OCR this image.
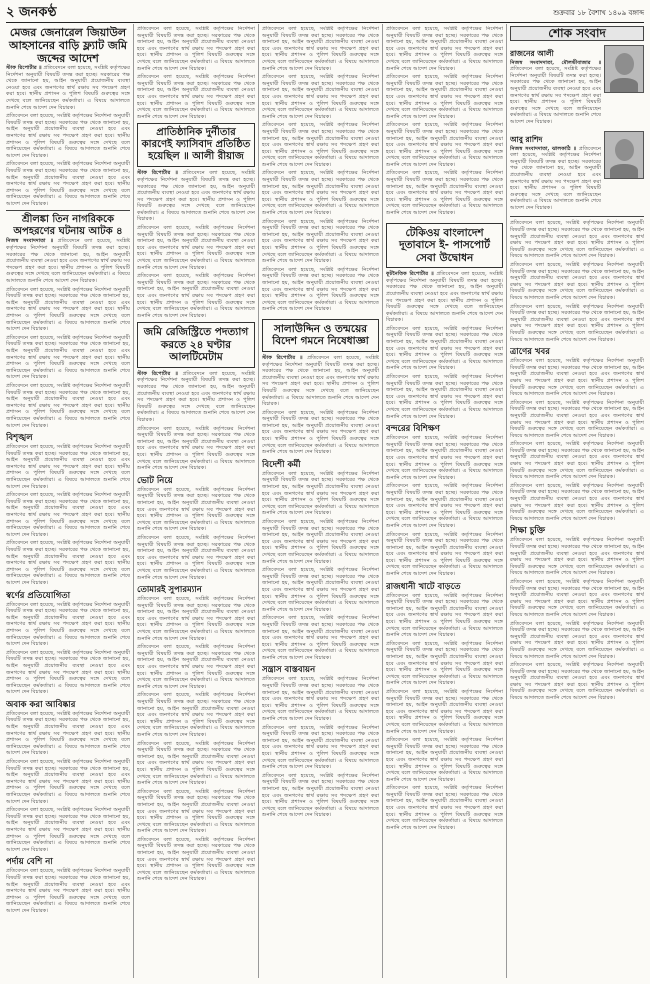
২ জনকণ্ঠ	শুক্রবার ১৮ বৈশাখ ১৪০৯ বঙ্গাব্দ
মেজর জেনারেল জিয়াউল আহসানের বাড়ি ফ্ল্যাট জমি জব্দের আদেশ

স্টাফ রিপোর্টার ॥ প্রতিবেদনে বলা হয়েছে, সংশ্লিষ্ট কর্তৃপক্ষের নির্দেশনা অনুযায়ী বিষয়টি তদন্ত করা হচ্ছে। সরকারের পক্ষ থেকে জানানো হয়, আইন অনুযায়ী প্রয়োজনীয় ব্যবস্থা নেওয়া হবে এবং জনগণের স্বার্থ রক্ষায় সব পদক্ষেপ গ্রহণ করা হবে। স্থানীয় প্রশাসন ও পুলিশ বিষয়টি গুরুত্বের সঙ্গে দেখছে বলে জানিয়েছেন কর্মকর্তারা। এ বিষয়ে আদালতে শুনানি শেষে আদেশ দেন বিচারক।

প্রতিবেদনে বলা হয়েছে, সংশ্লিষ্ট কর্তৃপক্ষের নির্দেশনা অনুযায়ী বিষয়টি তদন্ত করা হচ্ছে। সরকারের পক্ষ থেকে জানানো হয়, আইন অনুযায়ী প্রয়োজনীয় ব্যবস্থা নেওয়া হবে এবং জনগণের স্বার্থ রক্ষায় সব পদক্ষেপ গ্রহণ করা হবে। স্থানীয় প্রশাসন ও পুলিশ বিষয়টি গুরুত্বের সঙ্গে দেখছে বলে জানিয়েছেন কর্মকর্তারা। এ বিষয়ে আদালতে শুনানি শেষে আদেশ দেন বিচারক।

প্রতিবেদনে বলা হয়েছে, সংশ্লিষ্ট কর্তৃপক্ষের নির্দেশনা অনুযায়ী বিষয়টি তদন্ত করা হচ্ছে। সরকারের পক্ষ থেকে জানানো হয়, আইন অনুযায়ী প্রয়োজনীয় ব্যবস্থা নেওয়া হবে এবং জনগণের স্বার্থ রক্ষায় সব পদক্ষেপ গ্রহণ করা হবে। স্থানীয় প্রশাসন ও পুলিশ বিষয়টি গুরুত্বের সঙ্গে দেখছে বলে জানিয়েছেন কর্মকর্তারা। এ বিষয়ে আদালতে শুনানি শেষে আদেশ দেন বিচারক।

শ্রীলঙ্কা তিন নাগরিককে অপহরণের ঘটনায় আটক ৪

নিজস্ব সংবাদদাতা ॥ প্রতিবেদনে বলা হয়েছে, সংশ্লিষ্ট কর্তৃপক্ষের নির্দেশনা অনুযায়ী বিষয়টি তদন্ত করা হচ্ছে। সরকারের পক্ষ থেকে জানানো হয়, আইন অনুযায়ী প্রয়োজনীয় ব্যবস্থা নেওয়া হবে এবং জনগণের স্বার্থ রক্ষায় সব পদক্ষেপ গ্রহণ করা হবে। স্থানীয় প্রশাসন ও পুলিশ বিষয়টি গুরুত্বের সঙ্গে দেখছে বলে জানিয়েছেন কর্মকর্তারা। এ বিষয়ে আদালতে শুনানি শেষে আদেশ দেন বিচারক।

প্রতিবেদনে বলা হয়েছে, সংশ্লিষ্ট কর্তৃপক্ষের নির্দেশনা অনুযায়ী বিষয়টি তদন্ত করা হচ্ছে। সরকারের পক্ষ থেকে জানানো হয়, আইন অনুযায়ী প্রয়োজনীয় ব্যবস্থা নেওয়া হবে এবং জনগণের স্বার্থ রক্ষায় সব পদক্ষেপ গ্রহণ করা হবে। স্থানীয় প্রশাসন ও পুলিশ বিষয়টি গুরুত্বের সঙ্গে দেখছে বলে জানিয়েছেন কর্মকর্তারা। এ বিষয়ে আদালতে শুনানি শেষে আদেশ দেন বিচারক।

প্রতিবেদনে বলা হয়েছে, সংশ্লিষ্ট কর্তৃপক্ষের নির্দেশনা অনুযায়ী বিষয়টি তদন্ত করা হচ্ছে। সরকারের পক্ষ থেকে জানানো হয়, আইন অনুযায়ী প্রয়োজনীয় ব্যবস্থা নেওয়া হবে এবং জনগণের স্বার্থ রক্ষায় সব পদক্ষেপ গ্রহণ করা হবে। স্থানীয় প্রশাসন ও পুলিশ বিষয়টি গুরুত্বের সঙ্গে দেখছে বলে জানিয়েছেন কর্মকর্তারা। এ বিষয়ে আদালতে শুনানি শেষে আদেশ দেন বিচারক।

প্রতিবেদনে বলা হয়েছে, সংশ্লিষ্ট কর্তৃপক্ষের নির্দেশনা অনুযায়ী বিষয়টি তদন্ত করা হচ্ছে। সরকারের পক্ষ থেকে জানানো হয়, আইন অনুযায়ী প্রয়োজনীয় ব্যবস্থা নেওয়া হবে এবং জনগণের স্বার্থ রক্ষায় সব পদক্ষেপ গ্রহণ করা হবে। স্থানীয় প্রশাসন ও পুলিশ বিষয়টি গুরুত্বের সঙ্গে দেখছে বলে জানিয়েছেন কর্মকর্তারা। এ বিষয়ে আদালতে শুনানি শেষে আদেশ দেন বিচারক।

বিশৃঙ্খল

প্রতিবেদনে বলা হয়েছে, সংশ্লিষ্ট কর্তৃপক্ষের নির্দেশনা অনুযায়ী বিষয়টি তদন্ত করা হচ্ছে। সরকারের পক্ষ থেকে জানানো হয়, আইন অনুযায়ী প্রয়োজনীয় ব্যবস্থা নেওয়া হবে এবং জনগণের স্বার্থ রক্ষায় সব পদক্ষেপ গ্রহণ করা হবে। স্থানীয় প্রশাসন ও পুলিশ বিষয়টি গুরুত্বের সঙ্গে দেখছে বলে জানিয়েছেন কর্মকর্তারা। এ বিষয়ে আদালতে শুনানি শেষে আদেশ দেন বিচারক।

প্রতিবেদনে বলা হয়েছে, সংশ্লিষ্ট কর্তৃপক্ষের নির্দেশনা অনুযায়ী বিষয়টি তদন্ত করা হচ্ছে। সরকারের পক্ষ থেকে জানানো হয়, আইন অনুযায়ী প্রয়োজনীয় ব্যবস্থা নেওয়া হবে এবং জনগণের স্বার্থ রক্ষায় সব পদক্ষেপ গ্রহণ করা হবে। স্থানীয় প্রশাসন ও পুলিশ বিষয়টি গুরুত্বের সঙ্গে দেখছে বলে জানিয়েছেন কর্মকর্তারা। এ বিষয়ে আদালতে শুনানি শেষে আদেশ দেন বিচারক।

প্রতিবেদনে বলা হয়েছে, সংশ্লিষ্ট কর্তৃপক্ষের নির্দেশনা অনুযায়ী বিষয়টি তদন্ত করা হচ্ছে। সরকারের পক্ষ থেকে জানানো হয়, আইন অনুযায়ী প্রয়োজনীয় ব্যবস্থা নেওয়া হবে এবং জনগণের স্বার্থ রক্ষায় সব পদক্ষেপ গ্রহণ করা হবে। স্থানীয় প্রশাসন ও পুলিশ বিষয়টি গুরুত্বের সঙ্গে দেখছে বলে জানিয়েছেন কর্মকর্তারা। এ বিষয়ে আদালতে শুনানি শেষে আদেশ দেন বিচারক।

স্বর্ণের প্রতিযোগিতা

প্রতিবেদনে বলা হয়েছে, সংশ্লিষ্ট কর্তৃপক্ষের নির্দেশনা অনুযায়ী বিষয়টি তদন্ত করা হচ্ছে। সরকারের পক্ষ থেকে জানানো হয়, আইন অনুযায়ী প্রয়োজনীয় ব্যবস্থা নেওয়া হবে এবং জনগণের স্বার্থ রক্ষায় সব পদক্ষেপ গ্রহণ করা হবে। স্থানীয় প্রশাসন ও পুলিশ বিষয়টি গুরুত্বের সঙ্গে দেখছে বলে জানিয়েছেন কর্মকর্তারা। এ বিষয়ে আদালতে শুনানি শেষে আদেশ দেন বিচারক।

প্রতিবেদনে বলা হয়েছে, সংশ্লিষ্ট কর্তৃপক্ষের নির্দেশনা অনুযায়ী বিষয়টি তদন্ত করা হচ্ছে। সরকারের পক্ষ থেকে জানানো হয়, আইন অনুযায়ী প্রয়োজনীয় ব্যবস্থা নেওয়া হবে এবং জনগণের স্বার্থ রক্ষায় সব পদক্ষেপ গ্রহণ করা হবে। স্থানীয় প্রশাসন ও পুলিশ বিষয়টি গুরুত্বের সঙ্গে দেখছে বলে জানিয়েছেন কর্মকর্তারা। এ বিষয়ে আদালতে শুনানি শেষে আদেশ দেন বিচারক।

অবাক করা আবিষ্কার

প্রতিবেদনে বলা হয়েছে, সংশ্লিষ্ট কর্তৃপক্ষের নির্দেশনা অনুযায়ী বিষয়টি তদন্ত করা হচ্ছে। সরকারের পক্ষ থেকে জানানো হয়, আইন অনুযায়ী প্রয়োজনীয় ব্যবস্থা নেওয়া হবে এবং জনগণের স্বার্থ রক্ষায় সব পদক্ষেপ গ্রহণ করা হবে। স্থানীয় প্রশাসন ও পুলিশ বিষয়টি গুরুত্বের সঙ্গে দেখছে বলে জানিয়েছেন কর্মকর্তারা। এ বিষয়ে আদালতে শুনানি শেষে আদেশ দেন বিচারক।

প্রতিবেদনে বলা হয়েছে, সংশ্লিষ্ট কর্তৃপক্ষের নির্দেশনা অনুযায়ী বিষয়টি তদন্ত করা হচ্ছে। সরকারের পক্ষ থেকে জানানো হয়, আইন অনুযায়ী প্রয়োজনীয় ব্যবস্থা নেওয়া হবে এবং জনগণের স্বার্থ রক্ষায় সব পদক্ষেপ গ্রহণ করা হবে। স্থানীয় প্রশাসন ও পুলিশ বিষয়টি গুরুত্বের সঙ্গে দেখছে বলে জানিয়েছেন কর্মকর্তারা। এ বিষয়ে আদালতে শুনানি শেষে আদেশ দেন বিচারক।

প্রতিবেদনে বলা হয়েছে, সংশ্লিষ্ট কর্তৃপক্ষের নির্দেশনা অনুযায়ী বিষয়টি তদন্ত করা হচ্ছে। সরকারের পক্ষ থেকে জানানো হয়, আইন অনুযায়ী প্রয়োজনীয় ব্যবস্থা নেওয়া হবে এবং জনগণের স্বার্থ রক্ষায় সব পদক্ষেপ গ্রহণ করা হবে। স্থানীয় প্রশাসন ও পুলিশ বিষয়টি গুরুত্বের সঙ্গে দেখছে বলে জানিয়েছেন কর্মকর্তারা। এ বিষয়ে আদালতে শুনানি শেষে আদেশ দেন বিচারক।

পর্দায় বেশি না

প্রতিবেদনে বলা হয়েছে, সংশ্লিষ্ট কর্তৃপক্ষের নির্দেশনা অনুযায়ী বিষয়টি তদন্ত করা হচ্ছে। সরকারের পক্ষ থেকে জানানো হয়, আইন অনুযায়ী প্রয়োজনীয় ব্যবস্থা নেওয়া হবে এবং জনগণের স্বার্থ রক্ষায় সব পদক্ষেপ গ্রহণ করা হবে। স্থানীয় প্রশাসন ও পুলিশ বিষয়টি গুরুত্বের সঙ্গে দেখছে বলে জানিয়েছেন কর্মকর্তারা। এ বিষয়ে আদালতে শুনানি শেষে আদেশ দেন বিচারক।

প্রতিবেদনে বলা হয়েছে, সংশ্লিষ্ট কর্তৃপক্ষের নির্দেশনা অনুযায়ী বিষয়টি তদন্ত করা হচ্ছে। সরকারের পক্ষ থেকে জানানো হয়, আইন অনুযায়ী প্রয়োজনীয় ব্যবস্থা নেওয়া হবে এবং জনগণের স্বার্থ রক্ষায় সব পদক্ষেপ গ্রহণ করা হবে। স্থানীয় প্রশাসন ও পুলিশ বিষয়টি গুরুত্বের সঙ্গে দেখছে বলে জানিয়েছেন কর্মকর্তারা। এ বিষয়ে আদালতে শুনানি শেষে আদেশ দেন বিচারক।

প্রতিবেদনে বলা হয়েছে, সংশ্লিষ্ট কর্তৃপক্ষের নির্দেশনা অনুযায়ী বিষয়টি তদন্ত করা হচ্ছে। সরকারের পক্ষ থেকে জানানো হয়, আইন অনুযায়ী প্রয়োজনীয় ব্যবস্থা নেওয়া হবে এবং জনগণের স্বার্থ রক্ষায় সব পদক্ষেপ গ্রহণ করা হবে। স্থানীয় প্রশাসন ও পুলিশ বিষয়টি গুরুত্বের সঙ্গে দেখছে বলে জানিয়েছেন কর্মকর্তারা। এ বিষয়ে আদালতে শুনানি শেষে আদেশ দেন বিচারক।

প্রাতিষ্ঠানিক দুর্নীতার কারণেই ফ্যাসিবাদ প্রতিষ্ঠিত হয়েছিল ॥ আলী রীয়াজ

স্টাফ রিপোর্টার ॥ প্রতিবেদনে বলা হয়েছে, সংশ্লিষ্ট কর্তৃপক্ষের নির্দেশনা অনুযায়ী বিষয়টি তদন্ত করা হচ্ছে। সরকারের পক্ষ থেকে জানানো হয়, আইন অনুযায়ী প্রয়োজনীয় ব্যবস্থা নেওয়া হবে এবং জনগণের স্বার্থ রক্ষায় সব পদক্ষেপ গ্রহণ করা হবে। স্থানীয় প্রশাসন ও পুলিশ বিষয়টি গুরুত্বের সঙ্গে দেখছে বলে জানিয়েছেন কর্মকর্তারা। এ বিষয়ে আদালতে শুনানি শেষে আদেশ দেন বিচারক।

প্রতিবেদনে বলা হয়েছে, সংশ্লিষ্ট কর্তৃপক্ষের নির্দেশনা অনুযায়ী বিষয়টি তদন্ত করা হচ্ছে। সরকারের পক্ষ থেকে জানানো হয়, আইন অনুযায়ী প্রয়োজনীয় ব্যবস্থা নেওয়া হবে এবং জনগণের স্বার্থ রক্ষায় সব পদক্ষেপ গ্রহণ করা হবে। স্থানীয় প্রশাসন ও পুলিশ বিষয়টি গুরুত্বের সঙ্গে দেখছে বলে জানিয়েছেন কর্মকর্তারা। এ বিষয়ে আদালতে শুনানি শেষে আদেশ দেন বিচারক।

প্রতিবেদনে বলা হয়েছে, সংশ্লিষ্ট কর্তৃপক্ষের নির্দেশনা অনুযায়ী বিষয়টি তদন্ত করা হচ্ছে। সরকারের পক্ষ থেকে জানানো হয়, আইন অনুযায়ী প্রয়োজনীয় ব্যবস্থা নেওয়া হবে এবং জনগণের স্বার্থ রক্ষায় সব পদক্ষেপ গ্রহণ করা হবে। স্থানীয় প্রশাসন ও পুলিশ বিষয়টি গুরুত্বের সঙ্গে দেখছে বলে জানিয়েছেন কর্মকর্তারা। এ বিষয়ে আদালতে শুনানি শেষে আদেশ দেন বিচারক।

জমি রেজিস্ট্রিতে পদত্যাগ করতে ২৪ ঘণ্টার আলটিমেটাম

স্টাফ রিপোর্টার ॥ প্রতিবেদনে বলা হয়েছে, সংশ্লিষ্ট কর্তৃপক্ষের নির্দেশনা অনুযায়ী বিষয়টি তদন্ত করা হচ্ছে। সরকারের পক্ষ থেকে জানানো হয়, আইন অনুযায়ী প্রয়োজনীয় ব্যবস্থা নেওয়া হবে এবং জনগণের স্বার্থ রক্ষায় সব পদক্ষেপ গ্রহণ করা হবে। স্থানীয় প্রশাসন ও পুলিশ বিষয়টি গুরুত্বের সঙ্গে দেখছে বলে জানিয়েছেন কর্মকর্তারা। এ বিষয়ে আদালতে শুনানি শেষে আদেশ দেন বিচারক।

প্রতিবেদনে বলা হয়েছে, সংশ্লিষ্ট কর্তৃপক্ষের নির্দেশনা অনুযায়ী বিষয়টি তদন্ত করা হচ্ছে। সরকারের পক্ষ থেকে জানানো হয়, আইন অনুযায়ী প্রয়োজনীয় ব্যবস্থা নেওয়া হবে এবং জনগণের স্বার্থ রক্ষায় সব পদক্ষেপ গ্রহণ করা হবে। স্থানীয় প্রশাসন ও পুলিশ বিষয়টি গুরুত্বের সঙ্গে দেখছে বলে জানিয়েছেন কর্মকর্তারা। এ বিষয়ে আদালতে শুনানি শেষে আদেশ দেন বিচারক।

ভোট নিয়ে

প্রতিবেদনে বলা হয়েছে, সংশ্লিষ্ট কর্তৃপক্ষের নির্দেশনা অনুযায়ী বিষয়টি তদন্ত করা হচ্ছে। সরকারের পক্ষ থেকে জানানো হয়, আইন অনুযায়ী প্রয়োজনীয় ব্যবস্থা নেওয়া হবে এবং জনগণের স্বার্থ রক্ষায় সব পদক্ষেপ গ্রহণ করা হবে। স্থানীয় প্রশাসন ও পুলিশ বিষয়টি গুরুত্বের সঙ্গে দেখছে বলে জানিয়েছেন কর্মকর্তারা। এ বিষয়ে আদালতে শুনানি শেষে আদেশ দেন বিচারক।

প্রতিবেদনে বলা হয়েছে, সংশ্লিষ্ট কর্তৃপক্ষের নির্দেশনা অনুযায়ী বিষয়টি তদন্ত করা হচ্ছে। সরকারের পক্ষ থেকে জানানো হয়, আইন অনুযায়ী প্রয়োজনীয় ব্যবস্থা নেওয়া হবে এবং জনগণের স্বার্থ রক্ষায় সব পদক্ষেপ গ্রহণ করা হবে। স্থানীয় প্রশাসন ও পুলিশ বিষয়টি গুরুত্বের সঙ্গে দেখছে বলে জানিয়েছেন কর্মকর্তারা। এ বিষয়ে আদালতে শুনানি শেষে আদেশ দেন বিচারক।

তোমারই সুপারম্যান

প্রতিবেদনে বলা হয়েছে, সংশ্লিষ্ট কর্তৃপক্ষের নির্দেশনা অনুযায়ী বিষয়টি তদন্ত করা হচ্ছে। সরকারের পক্ষ থেকে জানানো হয়, আইন অনুযায়ী প্রয়োজনীয় ব্যবস্থা নেওয়া হবে এবং জনগণের স্বার্থ রক্ষায় সব পদক্ষেপ গ্রহণ করা হবে। স্থানীয় প্রশাসন ও পুলিশ বিষয়টি গুরুত্বের সঙ্গে দেখছে বলে জানিয়েছেন কর্মকর্তারা। এ বিষয়ে আদালতে শুনানি শেষে আদেশ দেন বিচারক।

প্রতিবেদনে বলা হয়েছে, সংশ্লিষ্ট কর্তৃপক্ষের নির্দেশনা অনুযায়ী বিষয়টি তদন্ত করা হচ্ছে। সরকারের পক্ষ থেকে জানানো হয়, আইন অনুযায়ী প্রয়োজনীয় ব্যবস্থা নেওয়া হবে এবং জনগণের স্বার্থ রক্ষায় সব পদক্ষেপ গ্রহণ করা হবে। স্থানীয় প্রশাসন ও পুলিশ বিষয়টি গুরুত্বের সঙ্গে দেখছে বলে জানিয়েছেন কর্মকর্তারা। এ বিষয়ে আদালতে শুনানি শেষে আদেশ দেন বিচারক।

প্রতিবেদনে বলা হয়েছে, সংশ্লিষ্ট কর্তৃপক্ষের নির্দেশনা অনুযায়ী বিষয়টি তদন্ত করা হচ্ছে। সরকারের পক্ষ থেকে জানানো হয়, আইন অনুযায়ী প্রয়োজনীয় ব্যবস্থা নেওয়া হবে এবং জনগণের স্বার্থ রক্ষায় সব পদক্ষেপ গ্রহণ করা হবে। স্থানীয় প্রশাসন ও পুলিশ বিষয়টি গুরুত্বের সঙ্গে দেখছে বলে জানিয়েছেন কর্মকর্তারা। এ বিষয়ে আদালতে শুনানি শেষে আদেশ দেন বিচারক।

প্রতিবেদনে বলা হয়েছে, সংশ্লিষ্ট কর্তৃপক্ষের নির্দেশনা অনুযায়ী বিষয়টি তদন্ত করা হচ্ছে। সরকারের পক্ষ থেকে জানানো হয়, আইন অনুযায়ী প্রয়োজনীয় ব্যবস্থা নেওয়া হবে এবং জনগণের স্বার্থ রক্ষায় সব পদক্ষেপ গ্রহণ করা হবে। স্থানীয় প্রশাসন ও পুলিশ বিষয়টি গুরুত্বের সঙ্গে দেখছে বলে জানিয়েছেন কর্মকর্তারা। এ বিষয়ে আদালতে শুনানি শেষে আদেশ দেন বিচারক।

প্রতিবেদনে বলা হয়েছে, সংশ্লিষ্ট কর্তৃপক্ষের নির্দেশনা অনুযায়ী বিষয়টি তদন্ত করা হচ্ছে। সরকারের পক্ষ থেকে জানানো হয়, আইন অনুযায়ী প্রয়োজনীয় ব্যবস্থা নেওয়া হবে এবং জনগণের স্বার্থ রক্ষায় সব পদক্ষেপ গ্রহণ করা হবে। স্থানীয় প্রশাসন ও পুলিশ বিষয়টি গুরুত্বের সঙ্গে দেখছে বলে জানিয়েছেন কর্মকর্তারা। এ বিষয়ে আদালতে শুনানি শেষে আদেশ দেন বিচারক।

প্রতিবেদনে বলা হয়েছে, সংশ্লিষ্ট কর্তৃপক্ষের নির্দেশনা অনুযায়ী বিষয়টি তদন্ত করা হচ্ছে। সরকারের পক্ষ থেকে জানানো হয়, আইন অনুযায়ী প্রয়োজনীয় ব্যবস্থা নেওয়া হবে এবং জনগণের স্বার্থ রক্ষায় সব পদক্ষেপ গ্রহণ করা হবে। স্থানীয় প্রশাসন ও পুলিশ বিষয়টি গুরুত্বের সঙ্গে দেখছে বলে জানিয়েছেন কর্মকর্তারা। এ বিষয়ে আদালতে শুনানি শেষে আদেশ দেন বিচারক।

প্রতিবেদনে বলা হয়েছে, সংশ্লিষ্ট কর্তৃপক্ষের নির্দেশনা অনুযায়ী বিষয়টি তদন্ত করা হচ্ছে। সরকারের পক্ষ থেকে জানানো হয়, আইন অনুযায়ী প্রয়োজনীয় ব্যবস্থা নেওয়া হবে এবং জনগণের স্বার্থ রক্ষায় সব পদক্ষেপ গ্রহণ করা হবে। স্থানীয় প্রশাসন ও পুলিশ বিষয়টি গুরুত্বের সঙ্গে দেখছে বলে জানিয়েছেন কর্মকর্তারা। এ বিষয়ে আদালতে শুনানি শেষে আদেশ দেন বিচারক।

প্রতিবেদনে বলা হয়েছে, সংশ্লিষ্ট কর্তৃপক্ষের নির্দেশনা অনুযায়ী বিষয়টি তদন্ত করা হচ্ছে। সরকারের পক্ষ থেকে জানানো হয়, আইন অনুযায়ী প্রয়োজনীয় ব্যবস্থা নেওয়া হবে এবং জনগণের স্বার্থ রক্ষায় সব পদক্ষেপ গ্রহণ করা হবে। স্থানীয় প্রশাসন ও পুলিশ বিষয়টি গুরুত্বের সঙ্গে দেখছে বলে জানিয়েছেন কর্মকর্তারা। এ বিষয়ে আদালতে শুনানি শেষে আদেশ দেন বিচারক।

প্রতিবেদনে বলা হয়েছে, সংশ্লিষ্ট কর্তৃপক্ষের নির্দেশনা অনুযায়ী বিষয়টি তদন্ত করা হচ্ছে। সরকারের পক্ষ থেকে জানানো হয়, আইন অনুযায়ী প্রয়োজনীয় ব্যবস্থা নেওয়া হবে এবং জনগণের স্বার্থ রক্ষায় সব পদক্ষেপ গ্রহণ করা হবে। স্থানীয় প্রশাসন ও পুলিশ বিষয়টি গুরুত্বের সঙ্গে দেখছে বলে জানিয়েছেন কর্মকর্তারা। এ বিষয়ে আদালতে শুনানি শেষে আদেশ দেন বিচারক।

প্রতিবেদনে বলা হয়েছে, সংশ্লিষ্ট কর্তৃপক্ষের নির্দেশনা অনুযায়ী বিষয়টি তদন্ত করা হচ্ছে। সরকারের পক্ষ থেকে জানানো হয়, আইন অনুযায়ী প্রয়োজনীয় ব্যবস্থা নেওয়া হবে এবং জনগণের স্বার্থ রক্ষায় সব পদক্ষেপ গ্রহণ করা হবে। স্থানীয় প্রশাসন ও পুলিশ বিষয়টি গুরুত্বের সঙ্গে দেখছে বলে জানিয়েছেন কর্মকর্তারা। এ বিষয়ে আদালতে শুনানি শেষে আদেশ দেন বিচারক।

প্রতিবেদনে বলা হয়েছে, সংশ্লিষ্ট কর্তৃপক্ষের নির্দেশনা অনুযায়ী বিষয়টি তদন্ত করা হচ্ছে। সরকারের পক্ষ থেকে জানানো হয়, আইন অনুযায়ী প্রয়োজনীয় ব্যবস্থা নেওয়া হবে এবং জনগণের স্বার্থ রক্ষায় সব পদক্ষেপ গ্রহণ করা হবে। স্থানীয় প্রশাসন ও পুলিশ বিষয়টি গুরুত্বের সঙ্গে দেখছে বলে জানিয়েছেন কর্মকর্তারা। এ বিষয়ে আদালতে শুনানি শেষে আদেশ দেন বিচারক।

প্রতিবেদনে বলা হয়েছে, সংশ্লিষ্ট কর্তৃপক্ষের নির্দেশনা অনুযায়ী বিষয়টি তদন্ত করা হচ্ছে। সরকারের পক্ষ থেকে জানানো হয়, আইন অনুযায়ী প্রয়োজনীয় ব্যবস্থা নেওয়া হবে এবং জনগণের স্বার্থ রক্ষায় সব পদক্ষেপ গ্রহণ করা হবে। স্থানীয় প্রশাসন ও পুলিশ বিষয়টি গুরুত্বের সঙ্গে দেখছে বলে জানিয়েছেন কর্মকর্তারা। এ বিষয়ে আদালতে শুনানি শেষে আদেশ দেন বিচারক।

সালাউদ্দিন ও তন্ময়ের বিদেশ গমনে নিষেধাজ্ঞা

স্টাফ রিপোর্টার ॥ প্রতিবেদনে বলা হয়েছে, সংশ্লিষ্ট কর্তৃপক্ষের নির্দেশনা অনুযায়ী বিষয়টি তদন্ত করা হচ্ছে। সরকারের পক্ষ থেকে জানানো হয়, আইন অনুযায়ী প্রয়োজনীয় ব্যবস্থা নেওয়া হবে এবং জনগণের স্বার্থ রক্ষায় সব পদক্ষেপ গ্রহণ করা হবে। স্থানীয় প্রশাসন ও পুলিশ বিষয়টি গুরুত্বের সঙ্গে দেখছে বলে জানিয়েছেন কর্মকর্তারা। এ বিষয়ে আদালতে শুনানি শেষে আদেশ দেন বিচারক।

প্রতিবেদনে বলা হয়েছে, সংশ্লিষ্ট কর্তৃপক্ষের নির্দেশনা অনুযায়ী বিষয়টি তদন্ত করা হচ্ছে। সরকারের পক্ষ থেকে জানানো হয়, আইন অনুযায়ী প্রয়োজনীয় ব্যবস্থা নেওয়া হবে এবং জনগণের স্বার্থ রক্ষায় সব পদক্ষেপ গ্রহণ করা হবে। স্থানীয় প্রশাসন ও পুলিশ বিষয়টি গুরুত্বের সঙ্গে দেখছে বলে জানিয়েছেন কর্মকর্তারা। এ বিষয়ে আদালতে শুনানি শেষে আদেশ দেন বিচারক।

বিদেশী কর্মী

প্রতিবেদনে বলা হয়েছে, সংশ্লিষ্ট কর্তৃপক্ষের নির্দেশনা অনুযায়ী বিষয়টি তদন্ত করা হচ্ছে। সরকারের পক্ষ থেকে জানানো হয়, আইন অনুযায়ী প্রয়োজনীয় ব্যবস্থা নেওয়া হবে এবং জনগণের স্বার্থ রক্ষায় সব পদক্ষেপ গ্রহণ করা হবে। স্থানীয় প্রশাসন ও পুলিশ বিষয়টি গুরুত্বের সঙ্গে দেখছে বলে জানিয়েছেন কর্মকর্তারা। এ বিষয়ে আদালতে শুনানি শেষে আদেশ দেন বিচারক।

প্রতিবেদনে বলা হয়েছে, সংশ্লিষ্ট কর্তৃপক্ষের নির্দেশনা অনুযায়ী বিষয়টি তদন্ত করা হচ্ছে। সরকারের পক্ষ থেকে জানানো হয়, আইন অনুযায়ী প্রয়োজনীয় ব্যবস্থা নেওয়া হবে এবং জনগণের স্বার্থ রক্ষায় সব পদক্ষেপ গ্রহণ করা হবে। স্থানীয় প্রশাসন ও পুলিশ বিষয়টি গুরুত্বের সঙ্গে দেখছে বলে জানিয়েছেন কর্মকর্তারা। এ বিষয়ে আদালতে শুনানি শেষে আদেশ দেন বিচারক।

প্রতিবেদনে বলা হয়েছে, সংশ্লিষ্ট কর্তৃপক্ষের নির্দেশনা অনুযায়ী বিষয়টি তদন্ত করা হচ্ছে। সরকারের পক্ষ থেকে জানানো হয়, আইন অনুযায়ী প্রয়োজনীয় ব্যবস্থা নেওয়া হবে এবং জনগণের স্বার্থ রক্ষায় সব পদক্ষেপ গ্রহণ করা হবে। স্থানীয় প্রশাসন ও পুলিশ বিষয়টি গুরুত্বের সঙ্গে দেখছে বলে জানিয়েছেন কর্মকর্তারা। এ বিষয়ে আদালতে শুনানি শেষে আদেশ দেন বিচারক।

প্রতিবেদনে বলা হয়েছে, সংশ্লিষ্ট কর্তৃপক্ষের নির্দেশনা অনুযায়ী বিষয়টি তদন্ত করা হচ্ছে। সরকারের পক্ষ থেকে জানানো হয়, আইন অনুযায়ী প্রয়োজনীয় ব্যবস্থা নেওয়া হবে এবং জনগণের স্বার্থ রক্ষায় সব পদক্ষেপ গ্রহণ করা হবে। স্থানীয় প্রশাসন ও পুলিশ বিষয়টি গুরুত্বের সঙ্গে দেখছে বলে জানিয়েছেন কর্মকর্তারা। এ বিষয়ে আদালতে শুনানি শেষে আদেশ দেন বিচারক।

সন্ত্রাস বাস্তবায়ন

প্রতিবেদনে বলা হয়েছে, সংশ্লিষ্ট কর্তৃপক্ষের নির্দেশনা অনুযায়ী বিষয়টি তদন্ত করা হচ্ছে। সরকারের পক্ষ থেকে জানানো হয়, আইন অনুযায়ী প্রয়োজনীয় ব্যবস্থা নেওয়া হবে এবং জনগণের স্বার্থ রক্ষায় সব পদক্ষেপ গ্রহণ করা হবে। স্থানীয় প্রশাসন ও পুলিশ বিষয়টি গুরুত্বের সঙ্গে দেখছে বলে জানিয়েছেন কর্মকর্তারা। এ বিষয়ে আদালতে শুনানি শেষে আদেশ দেন বিচারক।

প্রতিবেদনে বলা হয়েছে, সংশ্লিষ্ট কর্তৃপক্ষের নির্দেশনা অনুযায়ী বিষয়টি তদন্ত করা হচ্ছে। সরকারের পক্ষ থেকে জানানো হয়, আইন অনুযায়ী প্রয়োজনীয় ব্যবস্থা নেওয়া হবে এবং জনগণের স্বার্থ রক্ষায় সব পদক্ষেপ গ্রহণ করা হবে। স্থানীয় প্রশাসন ও পুলিশ বিষয়টি গুরুত্বের সঙ্গে দেখছে বলে জানিয়েছেন কর্মকর্তারা। এ বিষয়ে আদালতে শুনানি শেষে আদেশ দেন বিচারক।

প্রতিবেদনে বলা হয়েছে, সংশ্লিষ্ট কর্তৃপক্ষের নির্দেশনা অনুযায়ী বিষয়টি তদন্ত করা হচ্ছে। সরকারের পক্ষ থেকে জানানো হয়, আইন অনুযায়ী প্রয়োজনীয় ব্যবস্থা নেওয়া হবে এবং জনগণের স্বার্থ রক্ষায় সব পদক্ষেপ গ্রহণ করা হবে। স্থানীয় প্রশাসন ও পুলিশ বিষয়টি গুরুত্বের সঙ্গে দেখছে বলে জানিয়েছেন কর্মকর্তারা। এ বিষয়ে আদালতে শুনানি শেষে আদেশ দেন বিচারক।

প্রতিবেদনে বলা হয়েছে, সংশ্লিষ্ট কর্তৃপক্ষের নির্দেশনা অনুযায়ী বিষয়টি তদন্ত করা হচ্ছে। সরকারের পক্ষ থেকে জানানো হয়, আইন অনুযায়ী প্রয়োজনীয় ব্যবস্থা নেওয়া হবে এবং জনগণের স্বার্থ রক্ষায় সব পদক্ষেপ গ্রহণ করা হবে। স্থানীয় প্রশাসন ও পুলিশ বিষয়টি গুরুত্বের সঙ্গে দেখছে বলে জানিয়েছেন কর্মকর্তারা। এ বিষয়ে আদালতে শুনানি শেষে আদেশ দেন বিচারক।

প্রতিবেদনে বলা হয়েছে, সংশ্লিষ্ট কর্তৃপক্ষের নির্দেশনা অনুযায়ী বিষয়টি তদন্ত করা হচ্ছে। সরকারের পক্ষ থেকে জানানো হয়, আইন অনুযায়ী প্রয়োজনীয় ব্যবস্থা নেওয়া হবে এবং জনগণের স্বার্থ রক্ষায় সব পদক্ষেপ গ্রহণ করা হবে। স্থানীয় প্রশাসন ও পুলিশ বিষয়টি গুরুত্বের সঙ্গে দেখছে বলে জানিয়েছেন কর্মকর্তারা। এ বিষয়ে আদালতে শুনানি শেষে আদেশ দেন বিচারক।

প্রতিবেদনে বলা হয়েছে, সংশ্লিষ্ট কর্তৃপক্ষের নির্দেশনা অনুযায়ী বিষয়টি তদন্ত করা হচ্ছে। সরকারের পক্ষ থেকে জানানো হয়, আইন অনুযায়ী প্রয়োজনীয় ব্যবস্থা নেওয়া হবে এবং জনগণের স্বার্থ রক্ষায় সব পদক্ষেপ গ্রহণ করা হবে। স্থানীয় প্রশাসন ও পুলিশ বিষয়টি গুরুত্বের সঙ্গে দেখছে বলে জানিয়েছেন কর্মকর্তারা। এ বিষয়ে আদালতে শুনানি শেষে আদেশ দেন বিচারক।

প্রতিবেদনে বলা হয়েছে, সংশ্লিষ্ট কর্তৃপক্ষের নির্দেশনা অনুযায়ী বিষয়টি তদন্ত করা হচ্ছে। সরকারের পক্ষ থেকে জানানো হয়, আইন অনুযায়ী প্রয়োজনীয় ব্যবস্থা নেওয়া হবে এবং জনগণের স্বার্থ রক্ষায় সব পদক্ষেপ গ্রহণ করা হবে। স্থানীয় প্রশাসন ও পুলিশ বিষয়টি গুরুত্বের সঙ্গে দেখছে বলে জানিয়েছেন কর্মকর্তারা। এ বিষয়ে আদালতে শুনানি শেষে আদেশ দেন বিচারক।

টেকিওয় বাংলাদেশ দূতাবাসে ই- পাসপোর্ট সেবা উদ্বোধন

কূটনৈতিক রিপোর্টার ॥ প্রতিবেদনে বলা হয়েছে, সংশ্লিষ্ট কর্তৃপক্ষের নির্দেশনা অনুযায়ী বিষয়টি তদন্ত করা হচ্ছে। সরকারের পক্ষ থেকে জানানো হয়, আইন অনুযায়ী প্রয়োজনীয় ব্যবস্থা নেওয়া হবে এবং জনগণের স্বার্থ রক্ষায় সব পদক্ষেপ গ্রহণ করা হবে। স্থানীয় প্রশাসন ও পুলিশ বিষয়টি গুরুত্বের সঙ্গে দেখছে বলে জানিয়েছেন কর্মকর্তারা। এ বিষয়ে আদালতে শুনানি শেষে আদেশ দেন বিচারক।

প্রতিবেদনে বলা হয়েছে, সংশ্লিষ্ট কর্তৃপক্ষের নির্দেশনা অনুযায়ী বিষয়টি তদন্ত করা হচ্ছে। সরকারের পক্ষ থেকে জানানো হয়, আইন অনুযায়ী প্রয়োজনীয় ব্যবস্থা নেওয়া হবে এবং জনগণের স্বার্থ রক্ষায় সব পদক্ষেপ গ্রহণ করা হবে। স্থানীয় প্রশাসন ও পুলিশ বিষয়টি গুরুত্বের সঙ্গে দেখছে বলে জানিয়েছেন কর্মকর্তারা। এ বিষয়ে আদালতে শুনানি শেষে আদেশ দেন বিচারক।

প্রতিবেদনে বলা হয়েছে, সংশ্লিষ্ট কর্তৃপক্ষের নির্দেশনা অনুযায়ী বিষয়টি তদন্ত করা হচ্ছে। সরকারের পক্ষ থেকে জানানো হয়, আইন অনুযায়ী প্রয়োজনীয় ব্যবস্থা নেওয়া হবে এবং জনগণের স্বার্থ রক্ষায় সব পদক্ষেপ গ্রহণ করা হবে। স্থানীয় প্রশাসন ও পুলিশ বিষয়টি গুরুত্বের সঙ্গে দেখছে বলে জানিয়েছেন কর্মকর্তারা। এ বিষয়ে আদালতে শুনানি শেষে আদেশ দেন বিচারক।

বন্দরের বিশিক্ষণ

প্রতিবেদনে বলা হয়েছে, সংশ্লিষ্ট কর্তৃপক্ষের নির্দেশনা অনুযায়ী বিষয়টি তদন্ত করা হচ্ছে। সরকারের পক্ষ থেকে জানানো হয়, আইন অনুযায়ী প্রয়োজনীয় ব্যবস্থা নেওয়া হবে এবং জনগণের স্বার্থ রক্ষায় সব পদক্ষেপ গ্রহণ করা হবে। স্থানীয় প্রশাসন ও পুলিশ বিষয়টি গুরুত্বের সঙ্গে দেখছে বলে জানিয়েছেন কর্মকর্তারা। এ বিষয়ে আদালতে শুনানি শেষে আদেশ দেন বিচারক।

প্রতিবেদনে বলা হয়েছে, সংশ্লিষ্ট কর্তৃপক্ষের নির্দেশনা অনুযায়ী বিষয়টি তদন্ত করা হচ্ছে। সরকারের পক্ষ থেকে জানানো হয়, আইন অনুযায়ী প্রয়োজনীয় ব্যবস্থা নেওয়া হবে এবং জনগণের স্বার্থ রক্ষায় সব পদক্ষেপ গ্রহণ করা হবে। স্থানীয় প্রশাসন ও পুলিশ বিষয়টি গুরুত্বের সঙ্গে দেখছে বলে জানিয়েছেন কর্মকর্তারা। এ বিষয়ে আদালতে শুনানি শেষে আদেশ দেন বিচারক।

প্রতিবেদনে বলা হয়েছে, সংশ্লিষ্ট কর্তৃপক্ষের নির্দেশনা অনুযায়ী বিষয়টি তদন্ত করা হচ্ছে। সরকারের পক্ষ থেকে জানানো হয়, আইন অনুযায়ী প্রয়োজনীয় ব্যবস্থা নেওয়া হবে এবং জনগণের স্বার্থ রক্ষায় সব পদক্ষেপ গ্রহণ করা হবে। স্থানীয় প্রশাসন ও পুলিশ বিষয়টি গুরুত্বের সঙ্গে দেখছে বলে জানিয়েছেন কর্মকর্তারা। এ বিষয়ে আদালতে শুনানি শেষে আদেশ দেন বিচারক।

রাজধানী খাটে বাড়তে

প্রতিবেদনে বলা হয়েছে, সংশ্লিষ্ট কর্তৃপক্ষের নির্দেশনা অনুযায়ী বিষয়টি তদন্ত করা হচ্ছে। সরকারের পক্ষ থেকে জানানো হয়, আইন অনুযায়ী প্রয়োজনীয় ব্যবস্থা নেওয়া হবে এবং জনগণের স্বার্থ রক্ষায় সব পদক্ষেপ গ্রহণ করা হবে। স্থানীয় প্রশাসন ও পুলিশ বিষয়টি গুরুত্বের সঙ্গে দেখছে বলে জানিয়েছেন কর্মকর্তারা। এ বিষয়ে আদালতে শুনানি শেষে আদেশ দেন বিচারক।

প্রতিবেদনে বলা হয়েছে, সংশ্লিষ্ট কর্তৃপক্ষের নির্দেশনা অনুযায়ী বিষয়টি তদন্ত করা হচ্ছে। সরকারের পক্ষ থেকে জানানো হয়, আইন অনুযায়ী প্রয়োজনীয় ব্যবস্থা নেওয়া হবে এবং জনগণের স্বার্থ রক্ষায় সব পদক্ষেপ গ্রহণ করা হবে। স্থানীয় প্রশাসন ও পুলিশ বিষয়টি গুরুত্বের সঙ্গে দেখছে বলে জানিয়েছেন কর্মকর্তারা। এ বিষয়ে আদালতে শুনানি শেষে আদেশ দেন বিচারক।

প্রতিবেদনে বলা হয়েছে, সংশ্লিষ্ট কর্তৃপক্ষের নির্দেশনা অনুযায়ী বিষয়টি তদন্ত করা হচ্ছে। সরকারের পক্ষ থেকে জানানো হয়, আইন অনুযায়ী প্রয়োজনীয় ব্যবস্থা নেওয়া হবে এবং জনগণের স্বার্থ রক্ষায় সব পদক্ষেপ গ্রহণ করা হবে। স্থানীয় প্রশাসন ও পুলিশ বিষয়টি গুরুত্বের সঙ্গে দেখছে বলে জানিয়েছেন কর্মকর্তারা। এ বিষয়ে আদালতে শুনানি শেষে আদেশ দেন বিচারক।

প্রতিবেদনে বলা হয়েছে, সংশ্লিষ্ট কর্তৃপক্ষের নির্দেশনা অনুযায়ী বিষয়টি তদন্ত করা হচ্ছে। সরকারের পক্ষ থেকে জানানো হয়, আইন অনুযায়ী প্রয়োজনীয় ব্যবস্থা নেওয়া হবে এবং জনগণের স্বার্থ রক্ষায় সব পদক্ষেপ গ্রহণ করা হবে। স্থানীয় প্রশাসন ও পুলিশ বিষয়টি গুরুত্বের সঙ্গে দেখছে বলে জানিয়েছেন কর্মকর্তারা। এ বিষয়ে আদালতে শুনানি শেষে আদেশ দেন বিচারক।

প্রতিবেদনে বলা হয়েছে, সংশ্লিষ্ট কর্তৃপক্ষের নির্দেশনা অনুযায়ী বিষয়টি তদন্ত করা হচ্ছে। সরকারের পক্ষ থেকে জানানো হয়, আইন অনুযায়ী প্রয়োজনীয় ব্যবস্থা নেওয়া হবে এবং জনগণের স্বার্থ রক্ষায় সব পদক্ষেপ গ্রহণ করা হবে। স্থানীয় প্রশাসন ও পুলিশ বিষয়টি গুরুত্বের সঙ্গে দেখছে বলে জানিয়েছেন কর্মকর্তারা। এ বিষয়ে আদালতে শুনানি শেষে আদেশ দেন বিচারক।

শোক সংবাদ
রাজনের আলী

নিজস্ব সংবাদদাতা, মৌলভীবাজার ॥ প্রতিবেদনে বলা হয়েছে, সংশ্লিষ্ট কর্তৃপক্ষের নির্দেশনা অনুযায়ী বিষয়টি তদন্ত করা হচ্ছে। সরকারের পক্ষ থেকে জানানো হয়, আইন অনুযায়ী প্রয়োজনীয় ব্যবস্থা নেওয়া হবে এবং জনগণের স্বার্থ রক্ষায় সব পদক্ষেপ গ্রহণ করা হবে। স্থানীয় প্রশাসন ও পুলিশ বিষয়টি গুরুত্বের সঙ্গে দেখছে বলে জানিয়েছেন কর্মকর্তারা। এ বিষয়ে আদালতে শুনানি শেষে আদেশ দেন বিচারক।

আবু রাশিদ

নিজস্ব সংবাদদাতা, ঝালকাঠি ॥ প্রতিবেদনে বলা হয়েছে, সংশ্লিষ্ট কর্তৃপক্ষের নির্দেশনা অনুযায়ী বিষয়টি তদন্ত করা হচ্ছে। সরকারের পক্ষ থেকে জানানো হয়, আইন অনুযায়ী প্রয়োজনীয় ব্যবস্থা নেওয়া হবে এবং জনগণের স্বার্থ রক্ষায় সব পদক্ষেপ গ্রহণ করা হবে। স্থানীয় প্রশাসন ও পুলিশ বিষয়টি গুরুত্বের সঙ্গে দেখছে বলে জানিয়েছেন কর্মকর্তারা। এ বিষয়ে আদালতে শুনানি শেষে আদেশ দেন বিচারক।

প্রতিবেদনে বলা হয়েছে, সংশ্লিষ্ট কর্তৃপক্ষের নির্দেশনা অনুযায়ী বিষয়টি তদন্ত করা হচ্ছে। সরকারের পক্ষ থেকে জানানো হয়, আইন অনুযায়ী প্রয়োজনীয় ব্যবস্থা নেওয়া হবে এবং জনগণের স্বার্থ রক্ষায় সব পদক্ষেপ গ্রহণ করা হবে। স্থানীয় প্রশাসন ও পুলিশ বিষয়টি গুরুত্বের সঙ্গে দেখছে বলে জানিয়েছেন কর্মকর্তারা। এ বিষয়ে আদালতে শুনানি শেষে আদেশ দেন বিচারক।

প্রতিবেদনে বলা হয়েছে, সংশ্লিষ্ট কর্তৃপক্ষের নির্দেশনা অনুযায়ী বিষয়টি তদন্ত করা হচ্ছে। সরকারের পক্ষ থেকে জানানো হয়, আইন অনুযায়ী প্রয়োজনীয় ব্যবস্থা নেওয়া হবে এবং জনগণের স্বার্থ রক্ষায় সব পদক্ষেপ গ্রহণ করা হবে। স্থানীয় প্রশাসন ও পুলিশ বিষয়টি গুরুত্বের সঙ্গে দেখছে বলে জানিয়েছেন কর্মকর্তারা। এ বিষয়ে আদালতে শুনানি শেষে আদেশ দেন বিচারক।

প্রতিবেদনে বলা হয়েছে, সংশ্লিষ্ট কর্তৃপক্ষের নির্দেশনা অনুযায়ী বিষয়টি তদন্ত করা হচ্ছে। সরকারের পক্ষ থেকে জানানো হয়, আইন অনুযায়ী প্রয়োজনীয় ব্যবস্থা নেওয়া হবে এবং জনগণের স্বার্থ রক্ষায় সব পদক্ষেপ গ্রহণ করা হবে। স্থানীয় প্রশাসন ও পুলিশ বিষয়টি গুরুত্বের সঙ্গে দেখছে বলে জানিয়েছেন কর্মকর্তারা। এ বিষয়ে আদালতে শুনানি শেষে আদেশ দেন বিচারক।

ত্রাণের খবর

প্রতিবেদনে বলা হয়েছে, সংশ্লিষ্ট কর্তৃপক্ষের নির্দেশনা অনুযায়ী বিষয়টি তদন্ত করা হচ্ছে। সরকারের পক্ষ থেকে জানানো হয়, আইন অনুযায়ী প্রয়োজনীয় ব্যবস্থা নেওয়া হবে এবং জনগণের স্বার্থ রক্ষায় সব পদক্ষেপ গ্রহণ করা হবে। স্থানীয় প্রশাসন ও পুলিশ বিষয়টি গুরুত্বের সঙ্গে দেখছে বলে জানিয়েছেন কর্মকর্তারা। এ বিষয়ে আদালতে শুনানি শেষে আদেশ দেন বিচারক।

প্রতিবেদনে বলা হয়েছে, সংশ্লিষ্ট কর্তৃপক্ষের নির্দেশনা অনুযায়ী বিষয়টি তদন্ত করা হচ্ছে। সরকারের পক্ষ থেকে জানানো হয়, আইন অনুযায়ী প্রয়োজনীয় ব্যবস্থা নেওয়া হবে এবং জনগণের স্বার্থ রক্ষায় সব পদক্ষেপ গ্রহণ করা হবে। স্থানীয় প্রশাসন ও পুলিশ বিষয়টি গুরুত্বের সঙ্গে দেখছে বলে জানিয়েছেন কর্মকর্তারা। এ বিষয়ে আদালতে শুনানি শেষে আদেশ দেন বিচারক।

প্রতিবেদনে বলা হয়েছে, সংশ্লিষ্ট কর্তৃপক্ষের নির্দেশনা অনুযায়ী বিষয়টি তদন্ত করা হচ্ছে। সরকারের পক্ষ থেকে জানানো হয়, আইন অনুযায়ী প্রয়োজনীয় ব্যবস্থা নেওয়া হবে এবং জনগণের স্বার্থ রক্ষায় সব পদক্ষেপ গ্রহণ করা হবে। স্থানীয় প্রশাসন ও পুলিশ বিষয়টি গুরুত্বের সঙ্গে দেখছে বলে জানিয়েছেন কর্মকর্তারা। এ বিষয়ে আদালতে শুনানি শেষে আদেশ দেন বিচারক।

প্রতিবেদনে বলা হয়েছে, সংশ্লিষ্ট কর্তৃপক্ষের নির্দেশনা অনুযায়ী বিষয়টি তদন্ত করা হচ্ছে। সরকারের পক্ষ থেকে জানানো হয়, আইন অনুযায়ী প্রয়োজনীয় ব্যবস্থা নেওয়া হবে এবং জনগণের স্বার্থ রক্ষায় সব পদক্ষেপ গ্রহণ করা হবে। স্থানীয় প্রশাসন ও পুলিশ বিষয়টি গুরুত্বের সঙ্গে দেখছে বলে জানিয়েছেন কর্মকর্তারা। এ বিষয়ে আদালতে শুনানি শেষে আদেশ দেন বিচারক।

শিক্ষা চুক্তি

প্রতিবেদনে বলা হয়েছে, সংশ্লিষ্ট কর্তৃপক্ষের নির্দেশনা অনুযায়ী বিষয়টি তদন্ত করা হচ্ছে। সরকারের পক্ষ থেকে জানানো হয়, আইন অনুযায়ী প্রয়োজনীয় ব্যবস্থা নেওয়া হবে এবং জনগণের স্বার্থ রক্ষায় সব পদক্ষেপ গ্রহণ করা হবে। স্থানীয় প্রশাসন ও পুলিশ বিষয়টি গুরুত্বের সঙ্গে দেখছে বলে জানিয়েছেন কর্মকর্তারা। এ বিষয়ে আদালতে শুনানি শেষে আদেশ দেন বিচারক।

প্রতিবেদনে বলা হয়েছে, সংশ্লিষ্ট কর্তৃপক্ষের নির্দেশনা অনুযায়ী বিষয়টি তদন্ত করা হচ্ছে। সরকারের পক্ষ থেকে জানানো হয়, আইন অনুযায়ী প্রয়োজনীয় ব্যবস্থা নেওয়া হবে এবং জনগণের স্বার্থ রক্ষায় সব পদক্ষেপ গ্রহণ করা হবে। স্থানীয় প্রশাসন ও পুলিশ বিষয়টি গুরুত্বের সঙ্গে দেখছে বলে জানিয়েছেন কর্মকর্তারা। এ বিষয়ে আদালতে শুনানি শেষে আদেশ দেন বিচারক।

প্রতিবেদনে বলা হয়েছে, সংশ্লিষ্ট কর্তৃপক্ষের নির্দেশনা অনুযায়ী বিষয়টি তদন্ত করা হচ্ছে। সরকারের পক্ষ থেকে জানানো হয়, আইন অনুযায়ী প্রয়োজনীয় ব্যবস্থা নেওয়া হবে এবং জনগণের স্বার্থ রক্ষায় সব পদক্ষেপ গ্রহণ করা হবে। স্থানীয় প্রশাসন ও পুলিশ বিষয়টি গুরুত্বের সঙ্গে দেখছে বলে জানিয়েছেন কর্মকর্তারা। এ বিষয়ে আদালতে শুনানি শেষে আদেশ দেন বিচারক।

প্রতিবেদনে বলা হয়েছে, সংশ্লিষ্ট কর্তৃপক্ষের নির্দেশনা অনুযায়ী বিষয়টি তদন্ত করা হচ্ছে। সরকারের পক্ষ থেকে জানানো হয়, আইন অনুযায়ী প্রয়োজনীয় ব্যবস্থা নেওয়া হবে এবং জনগণের স্বার্থ রক্ষায় সব পদক্ষেপ গ্রহণ করা হবে। স্থানীয় প্রশাসন ও পুলিশ বিষয়টি গুরুত্বের সঙ্গে দেখছে বলে জানিয়েছেন কর্মকর্তারা। এ বিষয়ে আদালতে শুনানি শেষে আদেশ দেন বিচারক।
